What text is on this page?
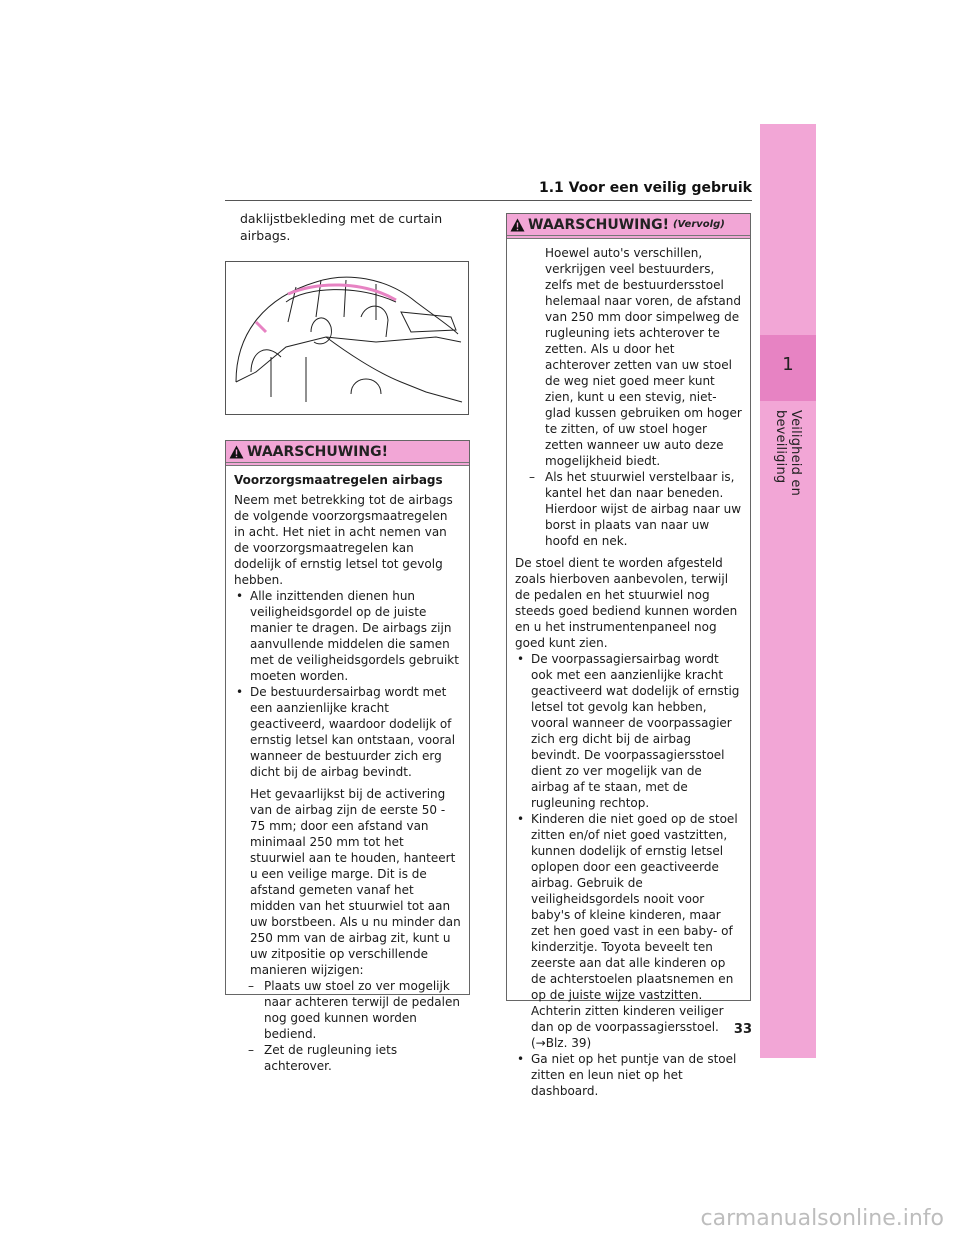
1
Veiligheid en beveiliging
1.1 Voor een veilig gebruik
daklijstbekleding met de curtain airbags.
WAARSCHUWING!

Voorzorgsmaatregelen airbags

Neem met betrekking tot de airbags de volgende voorzorgsmaatregelen in acht. Het niet in acht nemen van de voorzorgsmaatregelen kan dodelijk of ernstig letsel tot gevolg hebben.

• Alle inzittenden dienen hun veiligheidsgordel op de juiste manier te dragen. De airbags zijn aanvullende middelen die samen met de veiligheidsgordels gebruikt moeten worden.

• De bestuurdersairbag wordt met een aanzienlijke kracht geactiveerd, waardoor dodelijk of ernstig letsel kan ontstaan, vooral wanneer de bestuurder zich erg dicht bij de airbag bevindt.

Het gevaarlijkst bij de activering van de airbag zijn de eerste 50 - 75 mm; door een afstand van minimaal 250 mm tot het stuurwiel aan te houden, hanteert u een veilige marge. Dit is de afstand gemeten vanaf het midden van het stuurwiel tot aan uw borstbeen. Als u nu minder dan 250 mm van de airbag zit, kunt u uw zitpositie op verschillende manieren wijzigen:

– Plaats uw stoel zo ver mogelijk naar achteren terwijl de pedalen nog goed kunnen worden bediend.

– Zet de rugleuning iets achterover.

WAARSCHUWING! (Vervolg)

Hoewel auto's verschillen, verkrijgen veel bestuurders, zelfs met de bestuurdersstoel helemaal naar voren, de afstand van 250 mm door simpelweg de rugleuning iets achterover te zetten. Als u door het achterover zetten van uw stoel de weg niet goed meer kunt zien, kunt u een stevig, niet-glad kussen gebruiken om hoger te zitten, of uw stoel hoger zetten wanneer uw auto deze mogelijkheid biedt.

– Als het stuurwiel verstelbaar is, kantel het dan naar beneden. Hierdoor wijst de airbag naar uw borst in plaats van naar uw hoofd en nek.

De stoel dient te worden afgesteld zoals hierboven aanbevolen, terwijl de pedalen en het stuurwiel nog steeds goed bediend kunnen worden en u het instrumentenpaneel nog goed kunt zien.

• De voorpassagiersairbag wordt ook met een aanzienlijke kracht geactiveerd wat dodelijk of ernstig letsel tot gevolg kan hebben, vooral wanneer de voorpassagier zich erg dicht bij de airbag bevindt. De voorpassagiersstoel dient zo ver mogelijk van de airbag af te staan, met de rugleuning rechtop.

• Kinderen die niet goed op de stoel zitten en/of niet goed vastzitten, kunnen dodelijk of ernstig letsel oplopen door een geactiveerde airbag. Gebruik de veiligheidsgordels nooit voor baby's of kleine kinderen, maar zet hen goed vast in een baby- of kinderzitje. Toyota beveelt ten zeerste aan dat alle kinderen op de achterstoelen plaatsnemen en op de juiste wijze vastzitten. Achterin zitten kinderen veiliger dan op de voorpassagiersstoel. (→Blz. 39)

• Ga niet op het puntje van de stoel zitten en leun niet op het dashboard.

33
carmanualsonline.info
